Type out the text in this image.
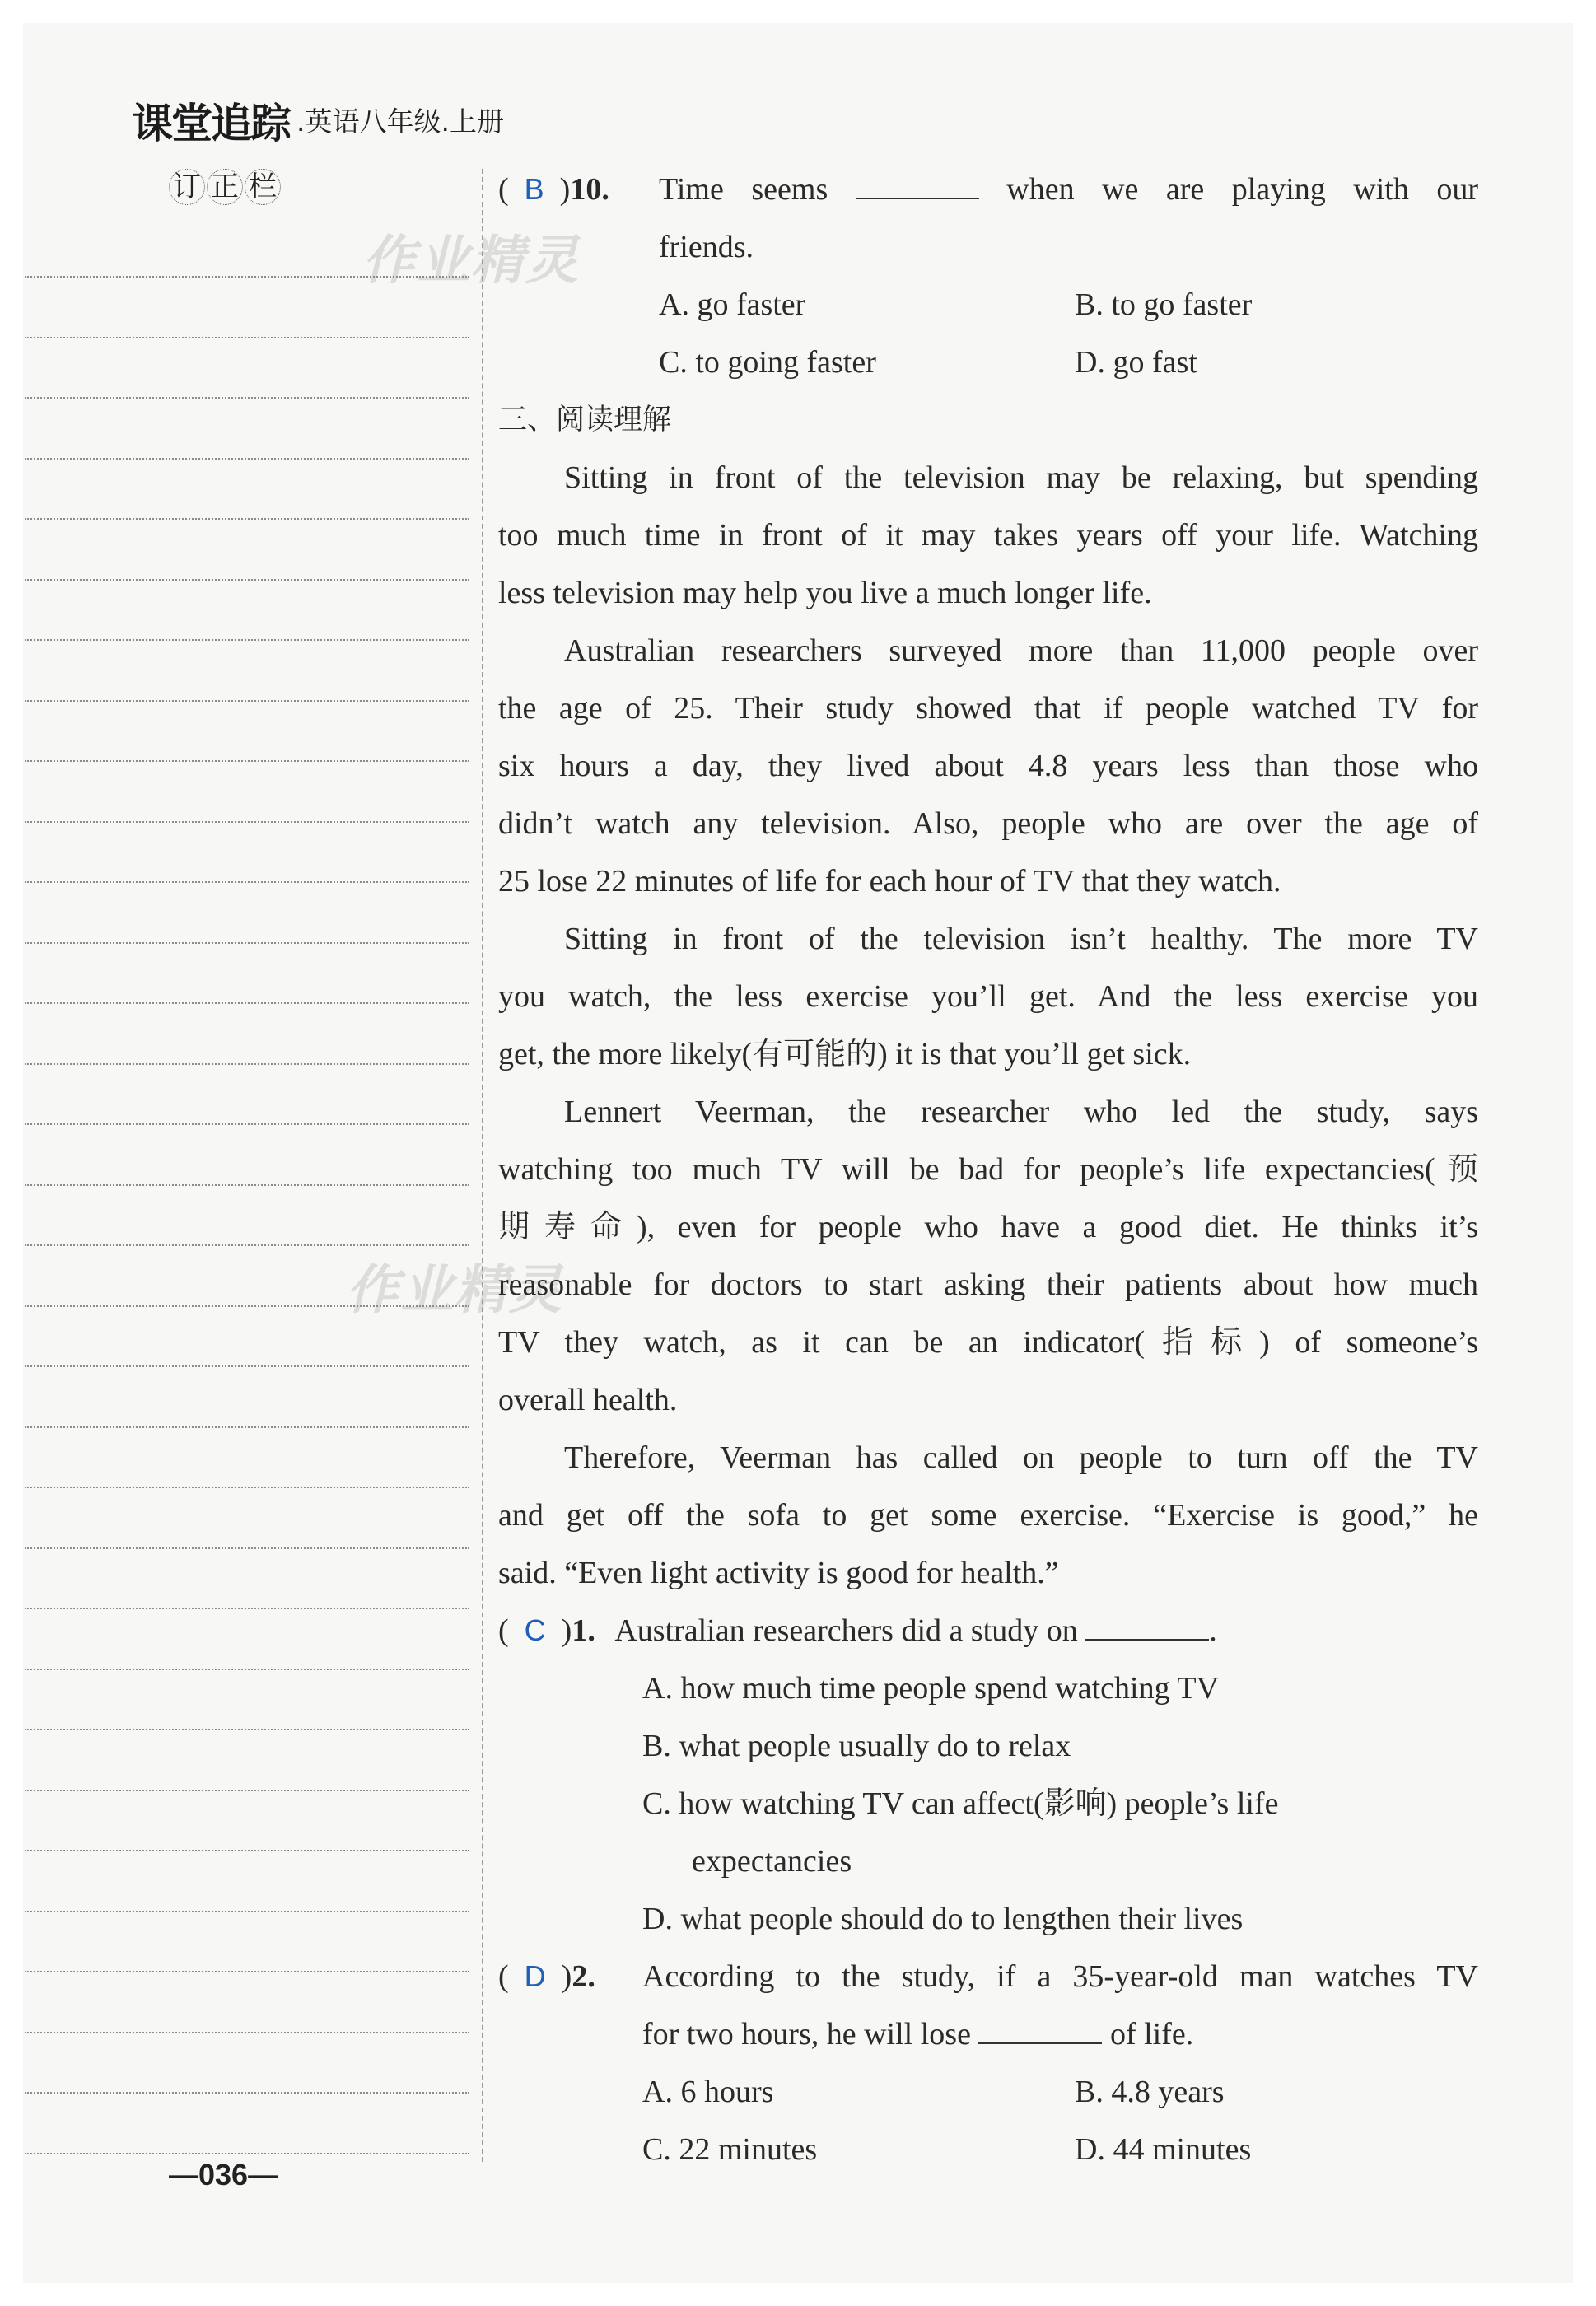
课堂追踪 .英语八年级.上册
订 正 栏
作业精灵
作业精灵
(  B  )10. Time seems	when we are playing with our
friends.
A. go faster	B. to go faster
C. to going faster	D. go fast
三、阅读理解
Sitting in front of the television may be relaxing, but spending
too much time in front of it may takes years off your life. Watching
less television may help you live a much longer life.
Australian researchers surveyed more than 11,000 people over
the age of 25. Their study showed that if people watched TV for
six hours a day, they lived about 4.8 years less than those who
didn’t watch any television. Also, people who are over the age of
25 lose 22 minutes of life for each hour of TV that they watch.
Sitting in front of the television isn’t healthy. The more TV
you watch, the less exercise you’ll get. And the less exercise you
get, the more likely(有可能的) it is that you’ll get sick.
Lennert Veerman, the researcher who led the study, says
watching too much TV will be bad for people’s life expectancies(预
期寿命), even for people who have a good diet. He thinks it’s
reasonable for doctors to start asking their patients about how much
TV they watch, as it can be an indicator(指标) of someone’s
overall health.
Therefore, Veerman has called on people to turn off the TV
and get off the sofa to get some exercise. “Exercise is good,” he
said. “Even light activity is good for health.”
(  C  )1. Australian researchers did a study on	.
A. how much time people spend watching TV
B. what people usually do to relax
C. how watching TV can affect(影响) people’s life
expectancies
D. what people should do to lengthen their lives
(  D  )2. According to the study, if a 35-year-old man watches TV
for two hours, he will lose	of life.
A. 6 hours	B. 4.8 years
C. 22 minutes	D. 44 minutes
—036—
